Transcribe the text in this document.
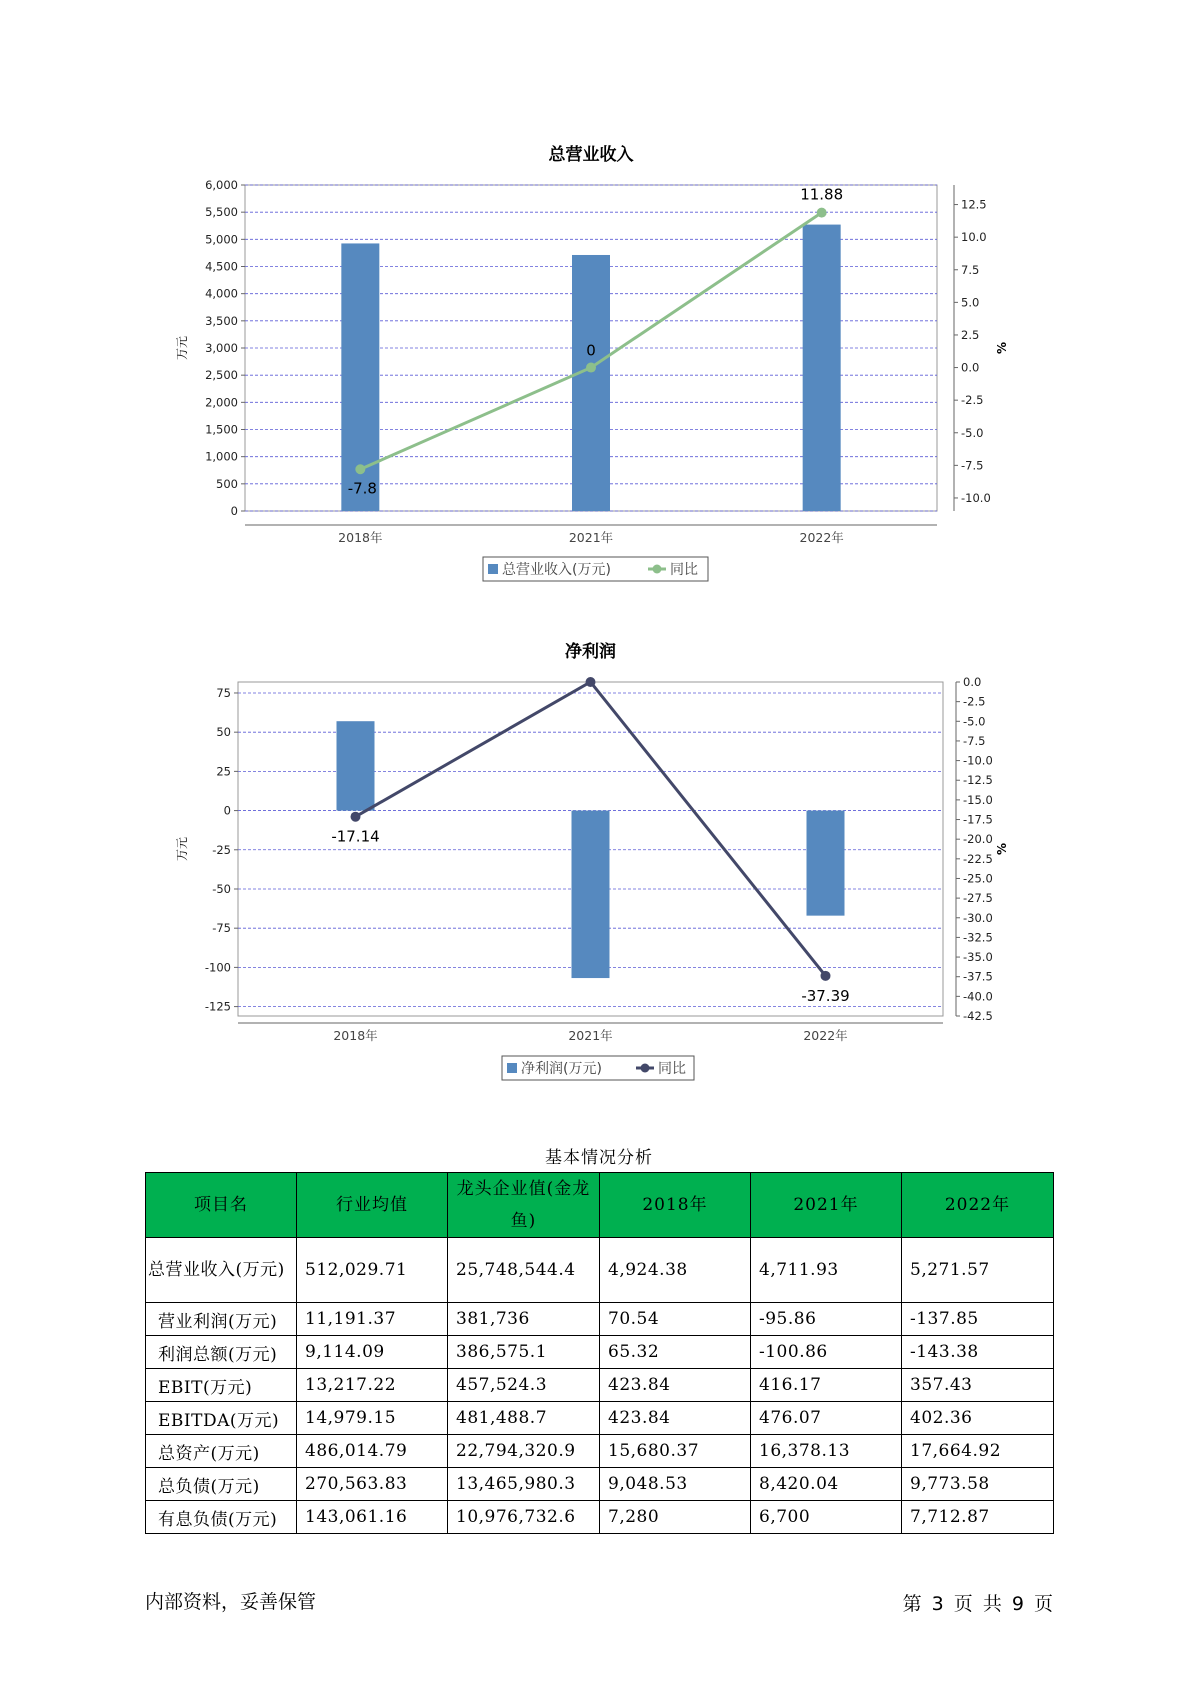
总营业收入
0
500
1,000
1,500
2,000
2,500
3,000
3,500
4,000
4,500
5,000
5,500
6,000
-10.0
-7.5
-5.0
-2.5
0.0
2.5
5.0
7.5
10.0
12.5
万元	%
2018年	2021年	2022年
-7.8
0
11.88
总营业收入(万元)	同比
净利润
-125
-100
-75
-50
-25
0
25
50
75
-42.5
-40.0
-37.5
-35.0
-32.5
-30.0
-27.5
-25.0
-22.5
-20.0
-17.5
-15.0
-12.5
-10.0
-7.5
-5.0
-2.5
0.0
万元	%
2018年	2021年	2022年
-17.14
-37.39
净利润(万元)	同比
基本情况分析
项目名	行业均值	龙头企业值(金龙鱼)	2018年	2021年	2022年
总营业收入(万元)	512,029.71	25,748,544.4	4,924.38	4,711.93	5,271.57
营业利润(万元)	11,191.37	381,736	70.54	-95.86	-137.85
利润总额(万元)	9,114.09	386,575.1	65.32	-100.86	-143.38
EBIT(万元)	13,217.22	457,524.3	423.84	416.17	357.43
EBITDA(万元)	14,979.15	481,488.7	423.84	476.07	402.36
总资产(万元)	486,014.79	22,794,320.9	15,680.37	16,378.13	17,664.92
总负债(万元)	270,563.83	13,465,980.3	9,048.53	8,420.04	9,773.58
有息负债(万元)	143,061.16	10,976,732.6	7,280	6,700	7,712.87
内部资料，妥善保管	第 3 页 共 9 页
